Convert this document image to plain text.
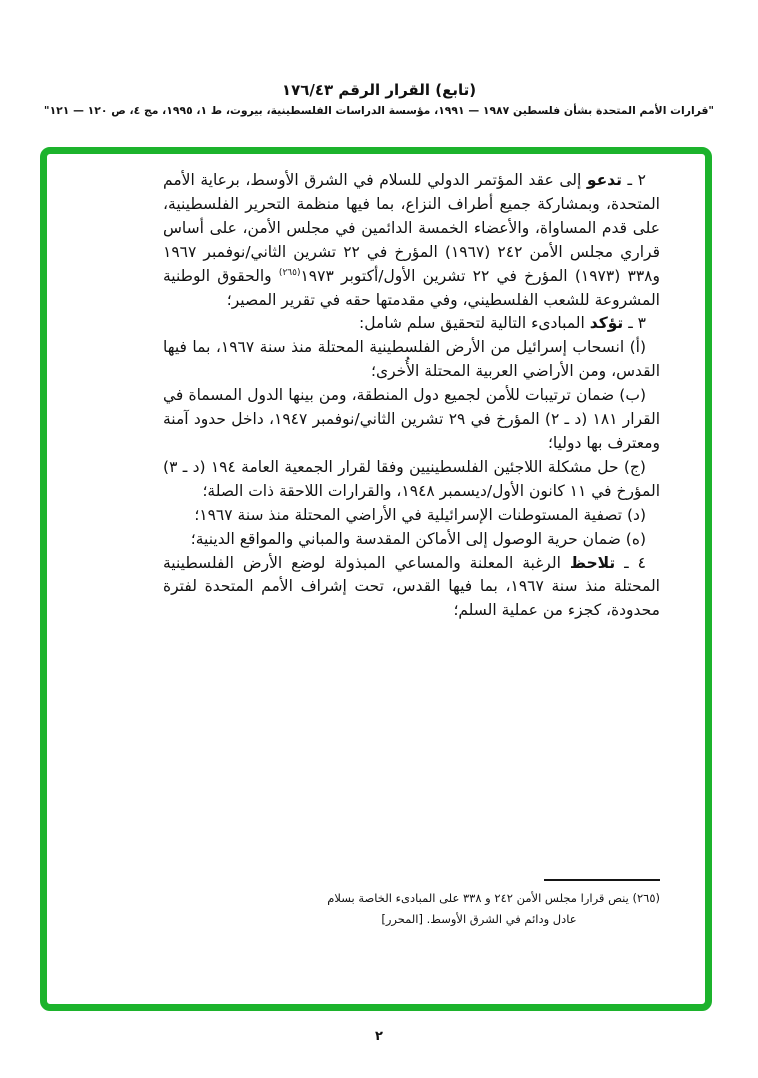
(تابع) القرار الرقم ١٧٦/٤٣
"قرارات الأمم المتحدة بشأن فلسطين ١٩٨٧ — ١٩٩١، مؤسسة الدراسات الفلسطينية، بيروت، ط ١، ١٩٩٥، مج ٤، ص ١٢٠ — ١٢١"

٢ ـ تدعو إلى عقد المؤتمر الدولي للسلام في الشرق الأوسط، برعاية الأمم المتحدة، وبمشاركة جميع أطراف النزاع، بما فيها منظمة التحرير الفلسطينية، على قدم المساواة، والأعضاء الخمسة الدائمين في مجلس الأمن، على أساس قراري مجلس الأمن ٢٤٢ (١٩٦٧) المؤرخ في ٢٢ تشرين الثاني/نوفمبر ١٩٦٧ و٣٣٨ (١٩٧٣) المؤرخ في ٢٢ تشرين الأول/أكتوبر ١٩٧٣$^{(٢٦٥)}$ والحقوق الوطنية المشروعة للشعب الفلسطيني، وفي مقدمتها حقه في تقرير المصير؛

٣ ـ تؤكد المبادىء التالية لتحقيق سلم شامل:

(أ) انسحاب إسرائيل من الأرض الفلسطينية المحتلة منذ سنة ١٩٦٧، بما فيها القدس، ومن الأراضي العربية المحتلة الأُخرى؛

(ب) ضمان ترتيبات للأمن لجميع دول المنطقة، ومن بينها الدول المسماة في القرار ١٨١ (د ـ ٢) المؤرخ في ٢٩ تشرين الثاني/نوفمبر ١٩٤٧، داخل حدود آمنة ومعترف بها دوليا؛

(ج) حل مشكلة اللاجئين الفلسطينيين وفقا لقرار الجمعية العامة ١٩٤ (د ـ ٣) المؤرخ في ١١ كانون الأول/ديسمبر ١٩٤٨، والقرارات اللاحقة ذات الصلة؛

(د) تصفية المستوطنات الإسرائيلية في الأراضي المحتلة منذ سنة ١٩٦٧؛

(ه) ضمان حرية الوصول إلى الأماكن المقدسة والمباني والمواقع الدينية؛

٤ ـ تلاحظ الرغبة المعلنة والمساعي المبذولة لوضع الأرض الفلسطينية المحتلة منذ سنة ١٩٦٧، بما فيها القدس، تحت إشراف الأمم المتحدة لفترة محدودة، كجزء من عملية السلم؛

(٢٦٥) ينص قرارا مجلس الأمن ٢٤٢ و ٣٣٨ على المبادىء الخاصة بسلام
عادل ودائم في الشرق الأوسط. [المحرر]
٢
